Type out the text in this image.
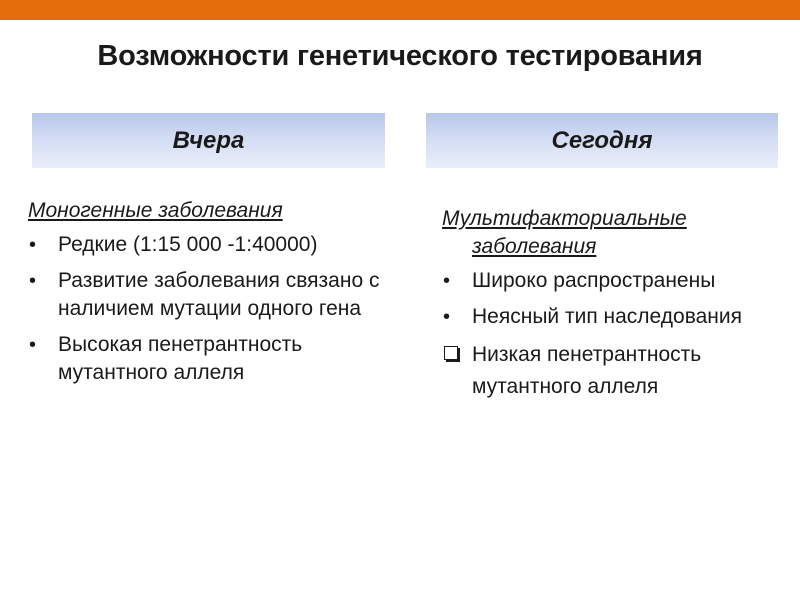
Возможности генетического тестирования
Вчера	Сегодня
Моногенные заболевания
• Редкие (1:15 000 -1:40000)
• Развитие заболевания связано с наличием мутации одного гена
• Высокая пенетрантность мутантного аллеля
Мультифакториальные заболевания
• Широко распространены
• Неясный тип наследования
Низкая пенетрантность мутантного аллеля
